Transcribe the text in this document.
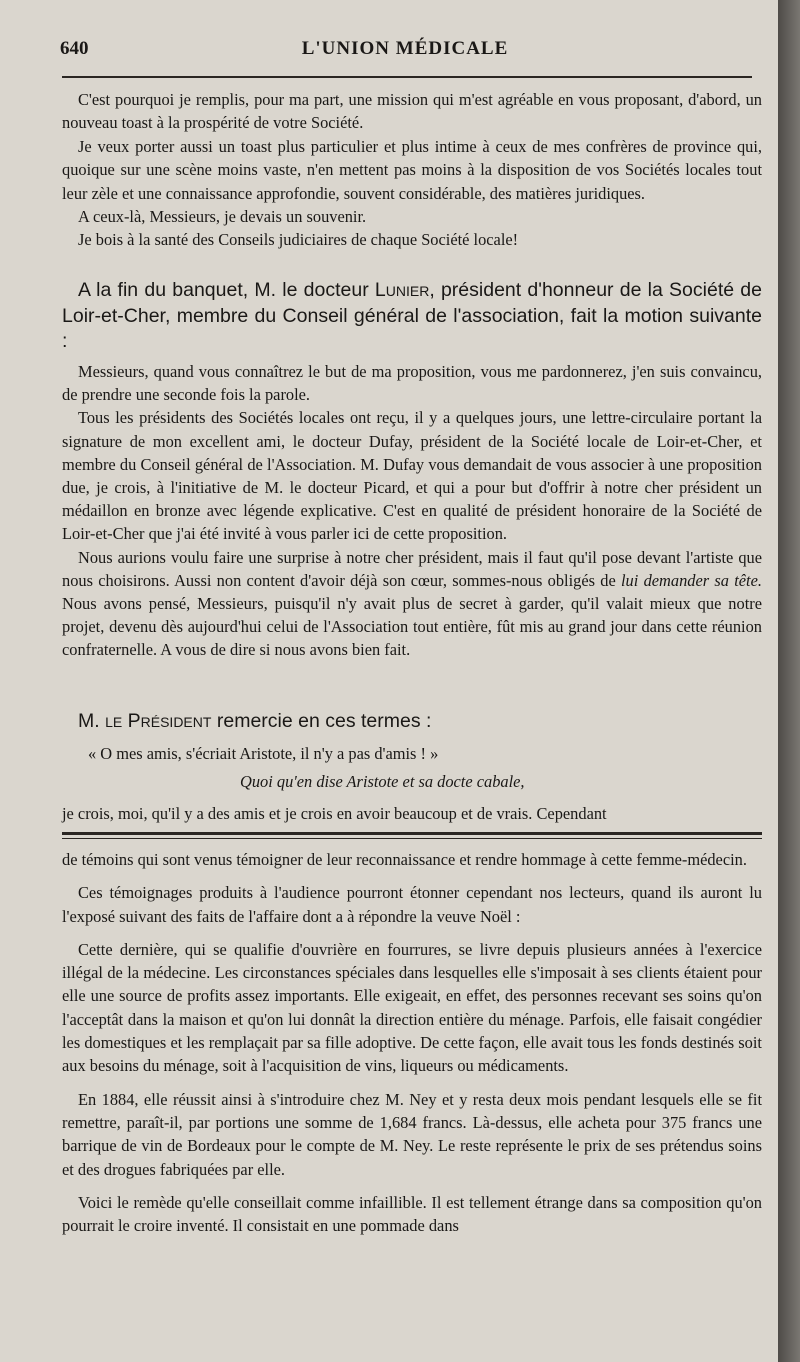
640	L'UNION MÉDICALE

C'est pourquoi je remplis, pour ma part, une mission qui m'est agréable en vous proposant, d'abord, un nouveau toast à la prospérité de votre Société.

Je veux porter aussi un toast plus particulier et plus intime à ceux de mes confrères de province qui, quoique sur une scène moins vaste, n'en mettent pas moins à la disposition de vos Sociétés locales tout leur zèle et une connaissance approfondie, souvent considérable, des matières juridiques.

A ceux-là, Messieurs, je devais un souvenir.

Je bois à la santé des Conseils judiciaires de chaque Société locale!

A la fin du banquet, M. le docteur Lunier, président d'honneur de la Société de Loir-et-Cher, membre du Conseil général de l'association, fait la motion suivante :

Messieurs, quand vous connaîtrez le but de ma proposition, vous me pardonnerez, j'en suis convaincu, de prendre une seconde fois la parole.

Tous les présidents des Sociétés locales ont reçu, il y a quelques jours, une lettre-circulaire portant la signature de mon excellent ami, le docteur Dufay, président de la Société locale de Loir-et-Cher, et membre du Conseil général de l'Association. M. Dufay vous demandait de vous associer à une proposition due, je crois, à l'initiative de M. le docteur Picard, et qui a pour but d'offrir à notre cher président un médaillon en bronze avec légende explicative. C'est en qualité de président honoraire de la Société de Loir-et-Cher que j'ai été invité à vous parler ici de cette proposition.

Nous aurions voulu faire une surprise à notre cher président, mais il faut qu'il pose devant l'artiste que nous choisirons. Aussi non content d'avoir déjà son cœur, sommes-nous obligés de lui demander sa tête. Nous avons pensé, Messieurs, puisqu'il n'y avait plus de secret à garder, qu'il valait mieux que notre projet, devenu dès aujourd'hui celui de l'Association tout entière, fût mis au grand jour dans cette réunion confraternelle. A vous de dire si nous avons bien fait.

M. le Président remercie en ces termes :

« O mes amis, s'écriait Aristote, il n'y a pas d'amis ! »
Quoi qu'en dise Aristote et sa docte cabale,
je crois, moi, qu'il y a des amis et je crois en avoir beaucoup et de vrais. Cependant

de témoins qui sont venus témoigner de leur reconnaissance et rendre hommage à cette femme-médecin.

Ces témoignages produits à l'audience pourront étonner cependant nos lecteurs, quand ils auront lu l'exposé suivant des faits de l'affaire dont a à répondre la veuve Noël :

Cette dernière, qui se qualifie d'ouvrière en fourrures, se livre depuis plusieurs années à l'exercice illégal de la médecine. Les circonstances spéciales dans lesquelles elle s'imposait à ses clients étaient pour elle une source de profits assez importants. Elle exigeait, en effet, des personnes recevant ses soins qu'on l'acceptât dans la maison et qu'on lui donnât la direction entière du ménage. Parfois, elle faisait congédier les domestiques et les remplaçait par sa fille adoptive. De cette façon, elle avait tous les fonds destinés soit aux besoins du ménage, soit à l'acquisition de vins, liqueurs ou médicaments.

En 1884, elle réussit ainsi à s'introduire chez M. Ney et y resta deux mois pendant lesquels elle se fit remettre, paraît-il, par portions une somme de 1,684 francs. Là-dessus, elle acheta pour 375 francs une barrique de vin de Bordeaux pour le compte de M. Ney. Le reste représente le prix de ses prétendus soins et des drogues fabriquées par elle.

Voici le remède qu'elle conseillait comme infaillible. Il est tellement étrange dans sa composition qu'on pourrait le croire inventé. Il consistait en une pommade dans
